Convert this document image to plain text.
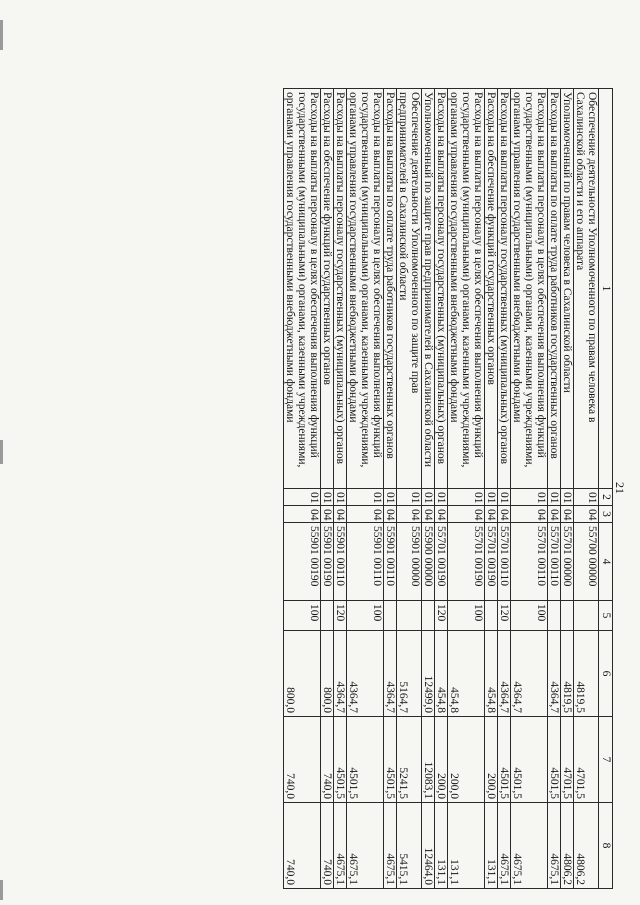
21
1	2	3	4	5	6	7	8
Обеспечение деятельности Уполномоченного по правам человека в Сахалинской области и его аппарата	01	04	55700 00000		4819,5	4701,5	4806,2
Уполномоченный по правам человека в Сахалинской области	01	04	55701 00000		4819,5	4701,5	4806,2
Расходы на выплаты по оплате труда работников государственных органов	01	04	55701 00110		4364,7	4501,5	4675,1
Расходы на выплаты персоналу в целях обеспечения выполнения функций государственными (муниципальными) органами, казенными учреждениями, органами управления государственными внебюджетными фондами	01	04	55701 00110	100	4364,7	4501,5	4675,1
Расходы на выплаты персоналу государственных (муниципальных) органов	01	04	55701 00110	120	4364,7	4501,5	4675,1
Расходы на обеспечение функций государственных органов	01	04	55701 00190		454,8	200,0	131,1
Расходы на выплаты персоналу в целях обеспечения выполнения функций государственными (муниципальными) органами, казенными учреждениями, органами управления государственными внебюджетными фондами	01	04	55701 00190	100	454,8	200,0	131,1
Расходы на выплаты персоналу государственных (муниципальных) органов	01	04	55701 00190	120	454,8	200,0	131,1
Уполномоченный по защите прав предпринимателей в Сахалинской области	01	04	55900 00000		12499,0	12083,1	12464,0
Обеспечение деятельности Уполномоченного по защите прав предпринимателей в Сахалинской области	01	04	55901 00000		5164,7	5241,5	5415,1
Расходы на выплаты по оплате труда работников государственных органов	01	04	55901 00110		4364,7	4501,5	4675,1
Расходы на выплаты персоналу в целях обеспечения выполнения функций государственными (муниципальными) органами, казенными учреждениями, органами управления государственными внебюджетными фондами	01	04	55901 00110	100	4364,7	4501,5	4675,1
Расходы на выплаты персоналу государственных (муниципальных) органов	01	04	55901 00110	120	4364,7	4501,5	4675,1
Расходы на обеспечение функций государственных органов	01	04	55901 00190		800,0	740,0	740,0
Расходы на выплаты персоналу в целях обеспечения выполнения функций государственными (муниципальными) органами, казенными учреждениями, органами управления государственными внебюджетными фондами	01	04	55901 00190	100	800,0	740,0	740,0
